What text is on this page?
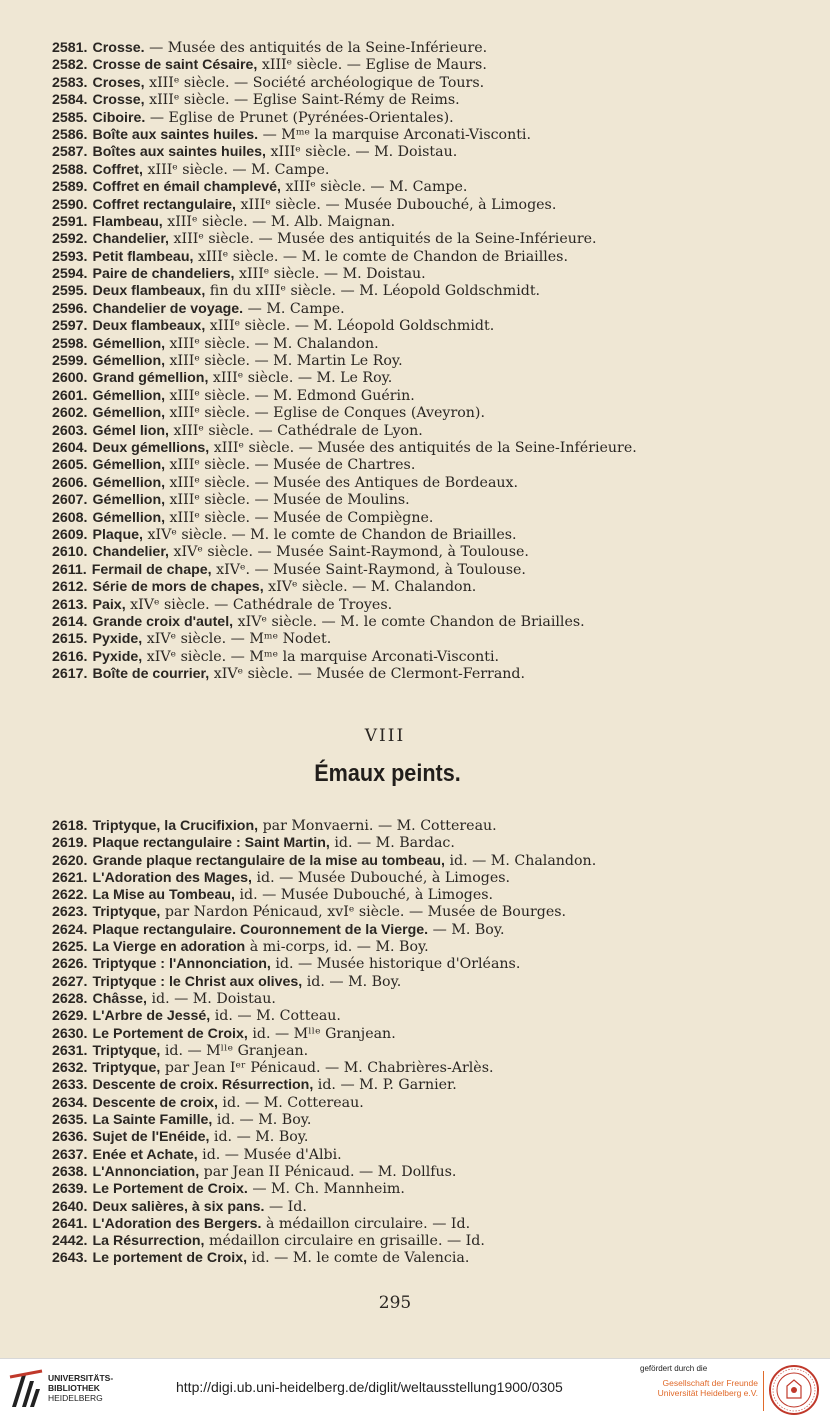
2581. Crosse. — Musée des antiquités de la Seine-Inférieure.
2582. Crosse de saint Césaire, xIIIᵉ siècle. — Eglise de Maurs.
2583. Croses, xIIIᵉ siècle. — Société archéologique de Tours.
2584. Crosse, xIIIᵉ siècle. — Eglise Saint-Rémy de Reims.
2585. Ciboire. — Eglise de Prunet (Pyrénées-Orientales).
2586. Boîte aux saintes huiles. — Mᵐᵉ la marquise Arconati-Visconti.
2587. Boîtes aux saintes huiles, xIIIᵉ siècle. — M. Doistau.
2588. Coffret, xIIIᵉ siècle. — M. Campe.
2589. Coffret en émail champlevé, xIIIᵉ siècle. — M. Campe.
2590. Coffret rectangulaire, xIIIᵉ siècle. — Musée Dubouché, à Limoges.
2591. Flambeau, xIIIᵉ siècle. — M. Alb. Maignan.
2592. Chandelier, xIIIᵉ siècle. — Musée des antiquités de la Seine-Inférieure.
2593. Petit flambeau, xIIIᵉ siècle. — M. le comte de Chandon de Briailles.
2594. Paire de chandeliers, xIIIᵉ siècle. — M. Doistau.
2595. Deux flambeaux, fin du xIIIᵉ siècle. — M. Léopold Goldschmidt.
2596. Chandelier de voyage. — M. Campe.
2597. Deux flambeaux, xIIIᵉ siècle. — M. Léopold Goldschmidt.
2598. Gémellion, xIIIᵉ siècle. — M. Chalandon.
2599. Gémellion, xIIIᵉ siècle. — M. Martin Le Roy.
2600. Grand gémellion, xIIIᵉ siècle. — M. Le Roy.
2601. Gémellion, xIIIᵉ siècle. — M. Edmond Guérin.
2602. Gémellion, xIIIᵉ siècle. — Eglise de Conques (Aveyron).
2603. Gémel lion, xIIIᵉ siècle. — Cathédrale de Lyon.
2604. Deux gémellions, xIIIᵉ siècle. — Musée des antiquités de la Seine-Inférieure.
2605. Gémellion, xIIIᵉ siècle. — Musée de Chartres.
2606. Gémellion, xIIIᵉ siècle. — Musée des Antiques de Bordeaux.
2607. Gémellion, xIIIᵉ siècle. — Musée de Moulins.
2608. Gémellion, xIIIᵉ siècle. — Musée de Compiègne.
2609. Plaque, xIVᵉ siècle. — M. le comte de Chandon de Briailles.
2610. Chandelier, xIVᵉ siècle. — Musée Saint-Raymond, à Toulouse.
2611. Fermail de chape, xIVᵉ. — Musée Saint-Raymond, à Toulouse.
2612. Série de mors de chapes, xIVᵉ siècle. — M. Chalandon.
2613. Paix, xIVᵉ siècle. — Cathédrale de Troyes.
2614. Grande croix d'autel, xIVᵉ siècle. — M. le comte Chandon de Briailles.
2615. Pyxide, xIVᵉ siècle. — Mᵐᵉ Nodet.
2616. Pyxide, xIVᵉ siècle. — Mᵐᵉ la marquise Arconati-Visconti.
2617. Boîte de courrier, xIVᵉ siècle. — Musée de Clermont-Ferrand.
VIII
Émaux peints.
2618. Triptyque, la Crucifixion, par Monvaerni. — M. Cottereau.
2619. Plaque rectangulaire : Saint Martin, id. — M. Bardac.
2620. Grande plaque rectangulaire de la mise au tombeau, id. — M. Chalandon.
2621. L'Adoration des Mages, id. — Musée Dubouché, à Limoges.
2622. La Mise au Tombeau, id. — Musée Dubouché, à Limoges.
2623. Triptyque, par Nardon Pénicaud, xvIᵉ siècle. — Musée de Bourges.
2624. Plaque rectangulaire. Couronnement de la Vierge. — M. Boy.
2625. La Vierge en adoration à mi-corps, id. — M. Boy.
2626. Triptyque : l'Annonciation, id. — Musée historique d'Orléans.
2627. Triptyque : le Christ aux olives, id. — M. Boy.
2628. Châsse, id. — M. Doistau.
2629. L'Arbre de Jessé, id. — M. Cotteau.
2630. Le Portement de Croix, id. — Mˡˡᵉ Granjean.
2631. Triptyque, id. — Mˡˡᵉ Granjean.
2632. Triptyque, par Jean Iᵉʳ Pénicaud. — M. Chabrières-Arlès.
2633. Descente de croix. Résurrection, id. — M. P. Garnier.
2634. Descente de croix, id. — M. Cottereau.
2635. La Sainte Famille, id. — M. Boy.
2636. Sujet de l'Enéide, id. — M. Boy.
2637. Enée et Achate, id. — Musée d'Albi.
2638. L'Annonciation, par Jean II Pénicaud. — M. Dollfus.
2639. Le Portement de Croix. — M. Ch. Mannheim.
2640. Deux salières, à six pans. — Id.
2641. L'Adoration des Bergers. à médaillon circulaire. — Id.
2442. La Résurrection, médaillon circulaire en grisaille. — Id.
2643. Le portement de Croix, id. — M. le comte de Valencia.
295
UNIVERSITÄTS-
BIBLIOTHEK
HEIDELBERG
http://digi.ub.uni-heidelberg.de/diglit/weltausstellung1900/0305
gefördert durch die
Gesellschaft der Freunde
Universität Heidelberg e.V.
